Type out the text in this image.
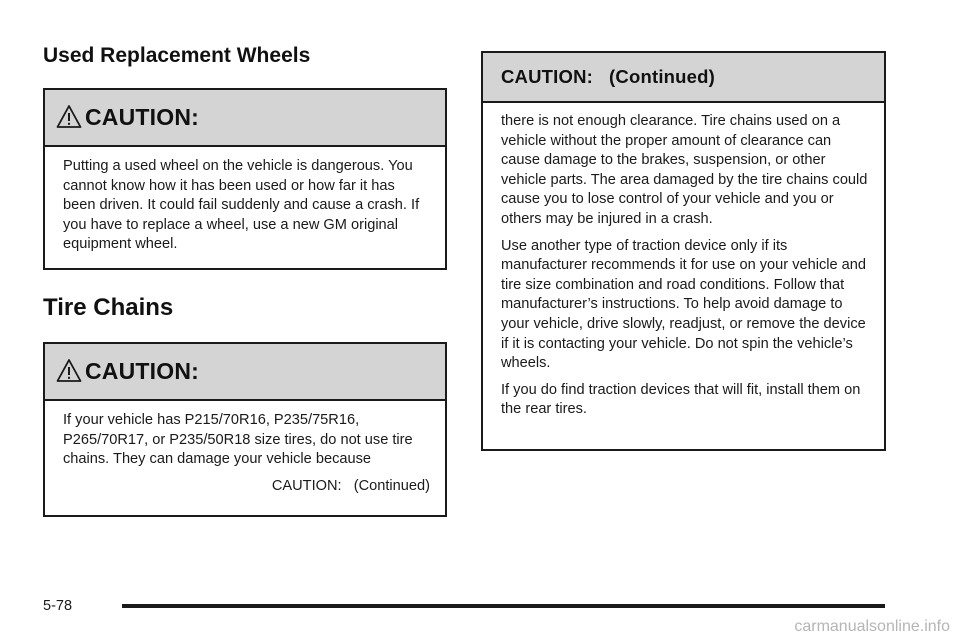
Used Replacement Wheels
CAUTION:

Putting a used wheel on the vehicle is dangerous. You cannot know how it has been used or how far it has been driven. It could fail suddenly and cause a crash. If you have to replace a wheel, use a new GM original equipment wheel.

Tire Chains
CAUTION:

If your vehicle has P215/70R16, P235/75R16, P265/70R17, or P235/50R18 size tires, do not use tire chains. They can damage your vehicle because

CAUTION:   (Continued)
CAUTION:   (Continued)

there is not enough clearance. Tire chains used on a vehicle without the proper amount of clearance can cause damage to the brakes, suspension, or other vehicle parts. The area damaged by the tire chains could cause you to lose control of your vehicle and you or others may be injured in a crash.

Use another type of traction device only if its manufacturer recommends it for use on your vehicle and tire size combination and road conditions. Follow that manufacturer’s instructions. To help avoid damage to your vehicle, drive slowly, readjust, or remove the device if it is contacting your vehicle. Do not spin the vehicle’s wheels.

If you do find traction devices that will fit, install them on the rear tires.

5-78
carmanualsonline.info
